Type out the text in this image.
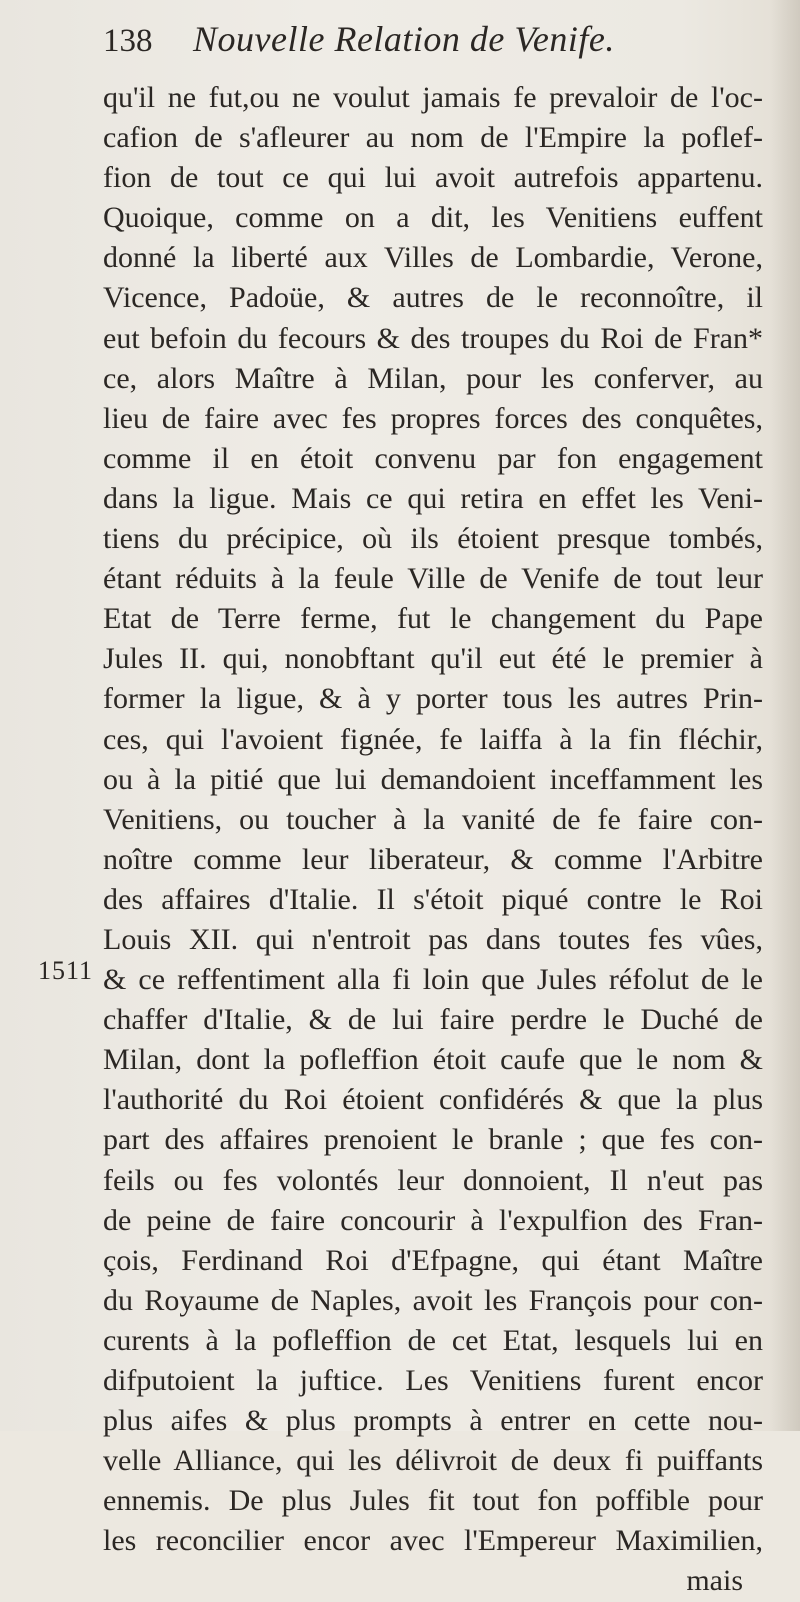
138	Nouvelle Relation de Venife.
1511
qu'il ne fut,ou ne voulut jamais fe prevaloir de l'oc-
cafion de s'afleurer au nom de l'Empire la poflef-
fion de tout ce qui lui avoit autrefois appartenu.
Quoique, comme on a dit, les Venitiens euffent
donné la liberté aux Villes de Lombardie, Verone,
Vicence, Padoüe, & autres de le reconnoître, il
eut befoin du fecours & des troupes du Roi de Fran*
ce, alors Maître à Milan, pour les conferver, au
lieu de faire avec fes propres forces des conquêtes,
comme il en étoit convenu par fon engagement
dans la ligue. Mais ce qui retira en effet les Veni-
tiens du précipice, où ils étoient presque tombés,
étant réduits à la feule Ville de Venife de tout leur
Etat de Terre ferme, fut le changement du Pape
Jules II. qui, nonobftant qu'il eut été le premier à
former la ligue, & à y porter tous les autres Prin-
ces, qui l'avoient fignée, fe laiffa à la fin fléchir,
ou à la pitié que lui demandoient inceffamment les
Venitiens, ou toucher à la vanité de fe faire con-
noître comme leur liberateur, & comme l'Arbitre
des affaires d'Italie. Il s'étoit piqué contre le Roi
Louis XII. qui n'entroit pas dans toutes fes vûes,
& ce reffentiment alla fi loin que Jules réfolut de le
chaffer d'Italie, & de lui faire perdre le Duché de
Milan, dont la pofleffion étoit caufe que le nom &
l'authorité du Roi étoient confidérés & que la plus
part des affaires prenoient le branle ; que fes con-
feils ou fes volontés leur donnoient, Il n'eut pas
de peine de faire concourir à l'expulfion des Fran-
çois, Ferdinand Roi d'Efpagne, qui étant Maître
du Royaume de Naples, avoit les François pour con-
curents à la pofleffion de cet Etat, lesquels lui en
difputoient la juftice. Les Venitiens furent encor
plus aifes & plus prompts à entrer en cette nou-
velle Alliance, qui les délivroit de deux fi puiffants
ennemis. De plus Jules fit tout fon poffible pour
les reconcilier encor avec l'Empereur Maximilien,
mais
